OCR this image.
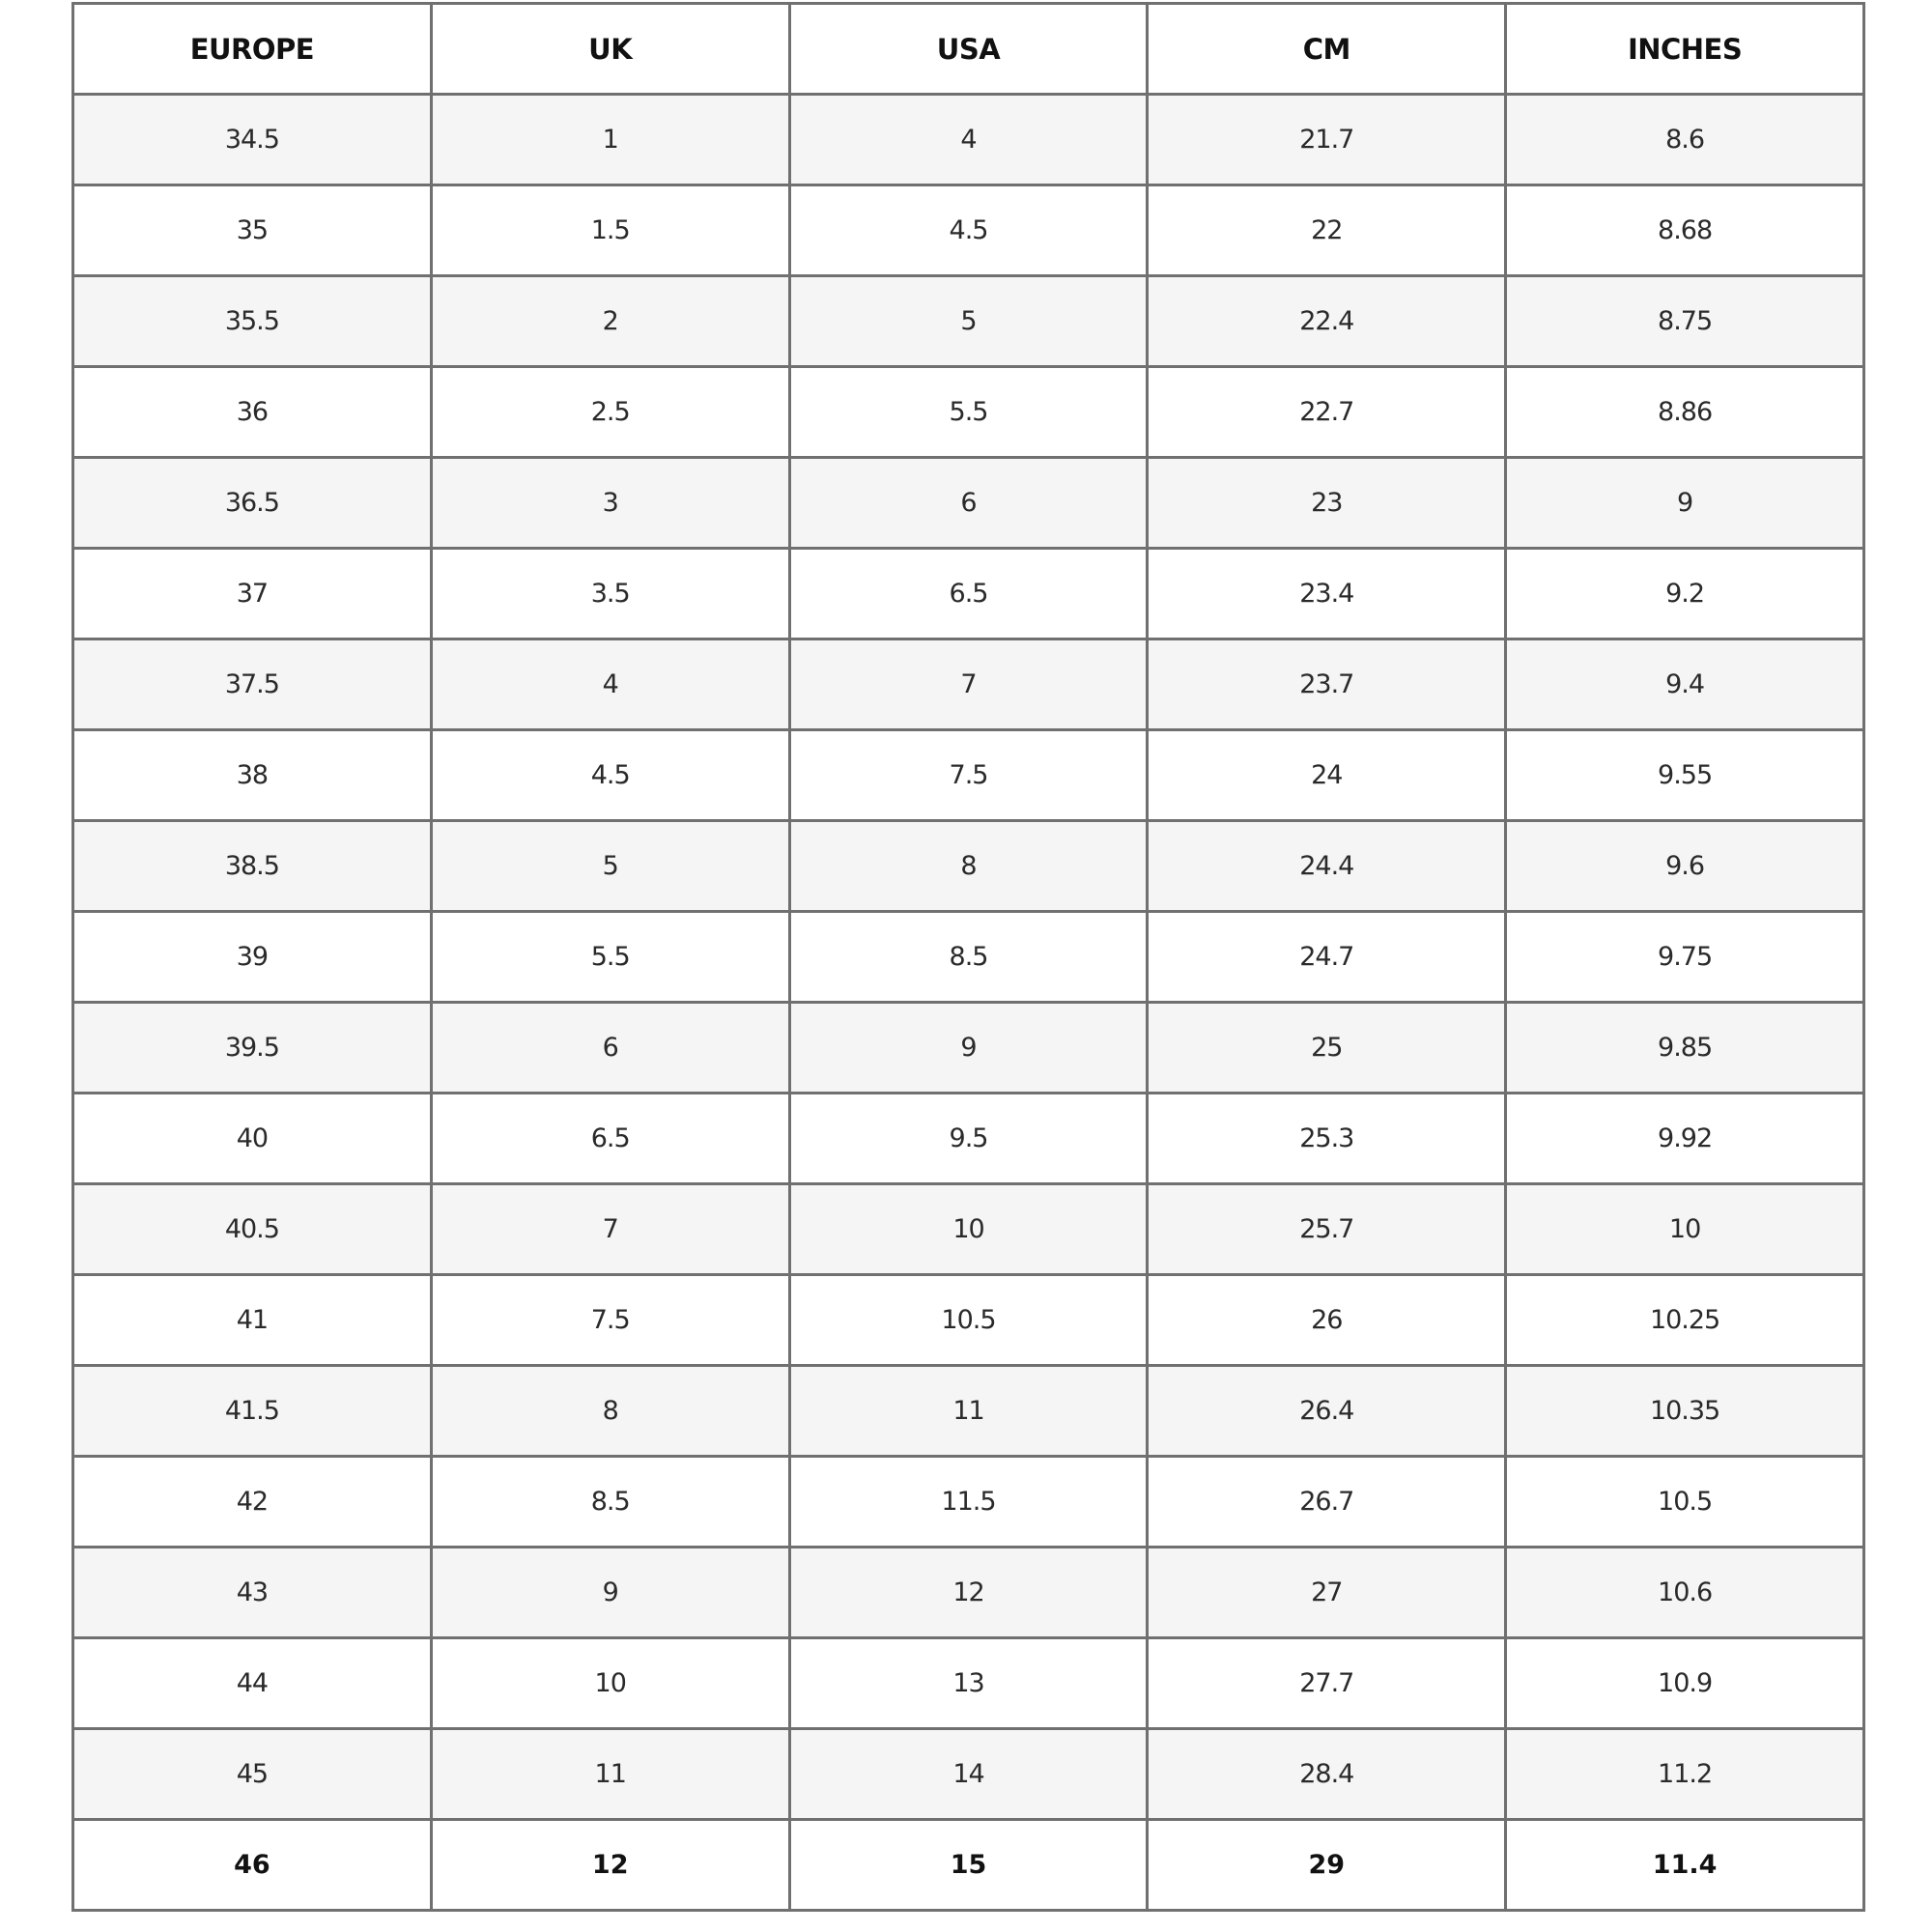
EUROPE	UK	USA	CM	INCHES
34.5	1	4	21.7	8.6
35	1.5	4.5	22	8.68
35.5	2	5	22.4	8.75
36	2.5	5.5	22.7	8.86
36.5	3	6	23	9
37	3.5	6.5	23.4	9.2
37.5	4	7	23.7	9.4
38	4.5	7.5	24	9.55
38.5	5	8	24.4	9.6
39	5.5	8.5	24.7	9.75
39.5	6	9	25	9.85
40	6.5	9.5	25.3	9.92
40.5	7	10	25.7	10
41	7.5	10.5	26	10.25
41.5	8	11	26.4	10.35
42	8.5	11.5	26.7	10.5
43	9	12	27	10.6
44	10	13	27.7	10.9
45	11	14	28.4	11.2
46	12	15	29	11.4
